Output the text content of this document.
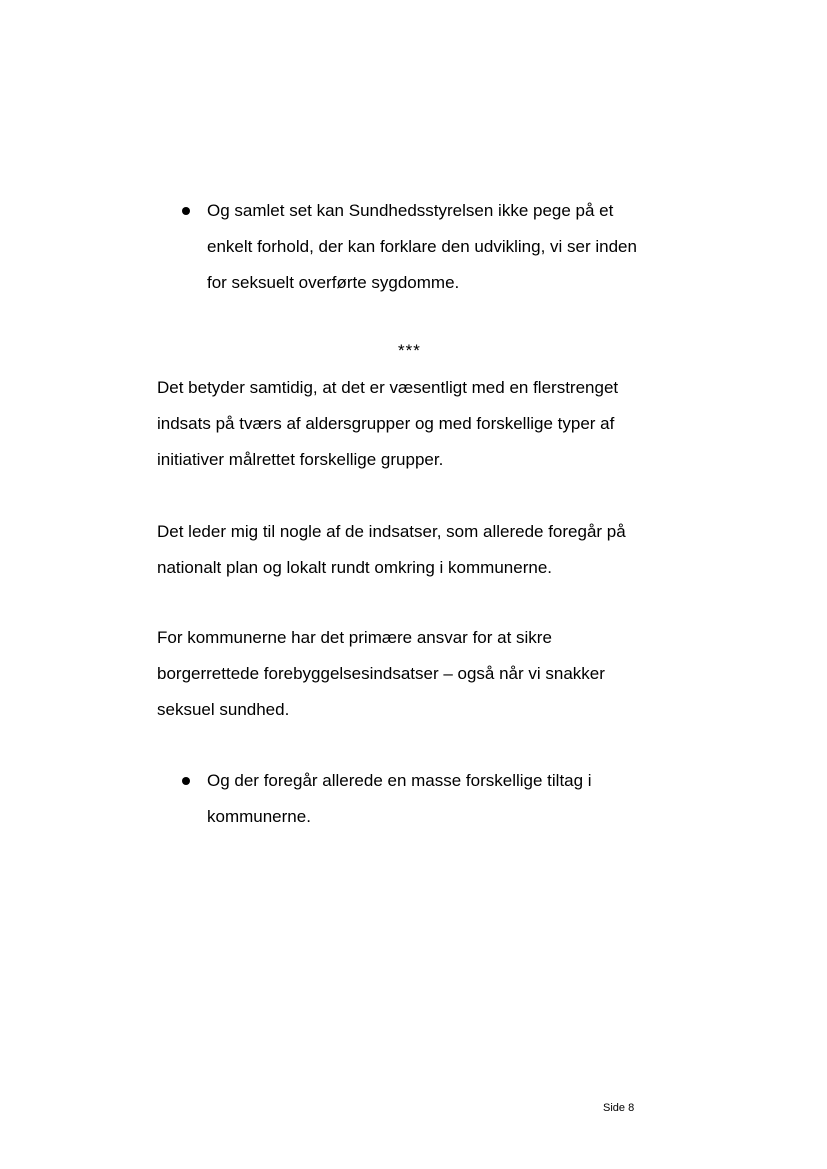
Og samlet set kan Sundhedsstyrelsen ikke pege på et
enkelt forhold, der kan forklare den udvikling, vi ser inden
for seksuelt overførte sygdomme.
***
Det betyder samtidig, at det er væsentligt med en flerstrenget
indsats på tværs af aldersgrupper og med forskellige typer af
initiativer målrettet forskellige grupper.
Det leder mig til nogle af de indsatser, som allerede foregår på
nationalt plan og lokalt rundt omkring i kommunerne.
For kommunerne har det primære ansvar for at sikre
borgerrettede forebyggelsesindsatser – også når vi snakker
seksuel sundhed.
Og der foregår allerede en masse forskellige tiltag i
kommunerne.
Side 8
